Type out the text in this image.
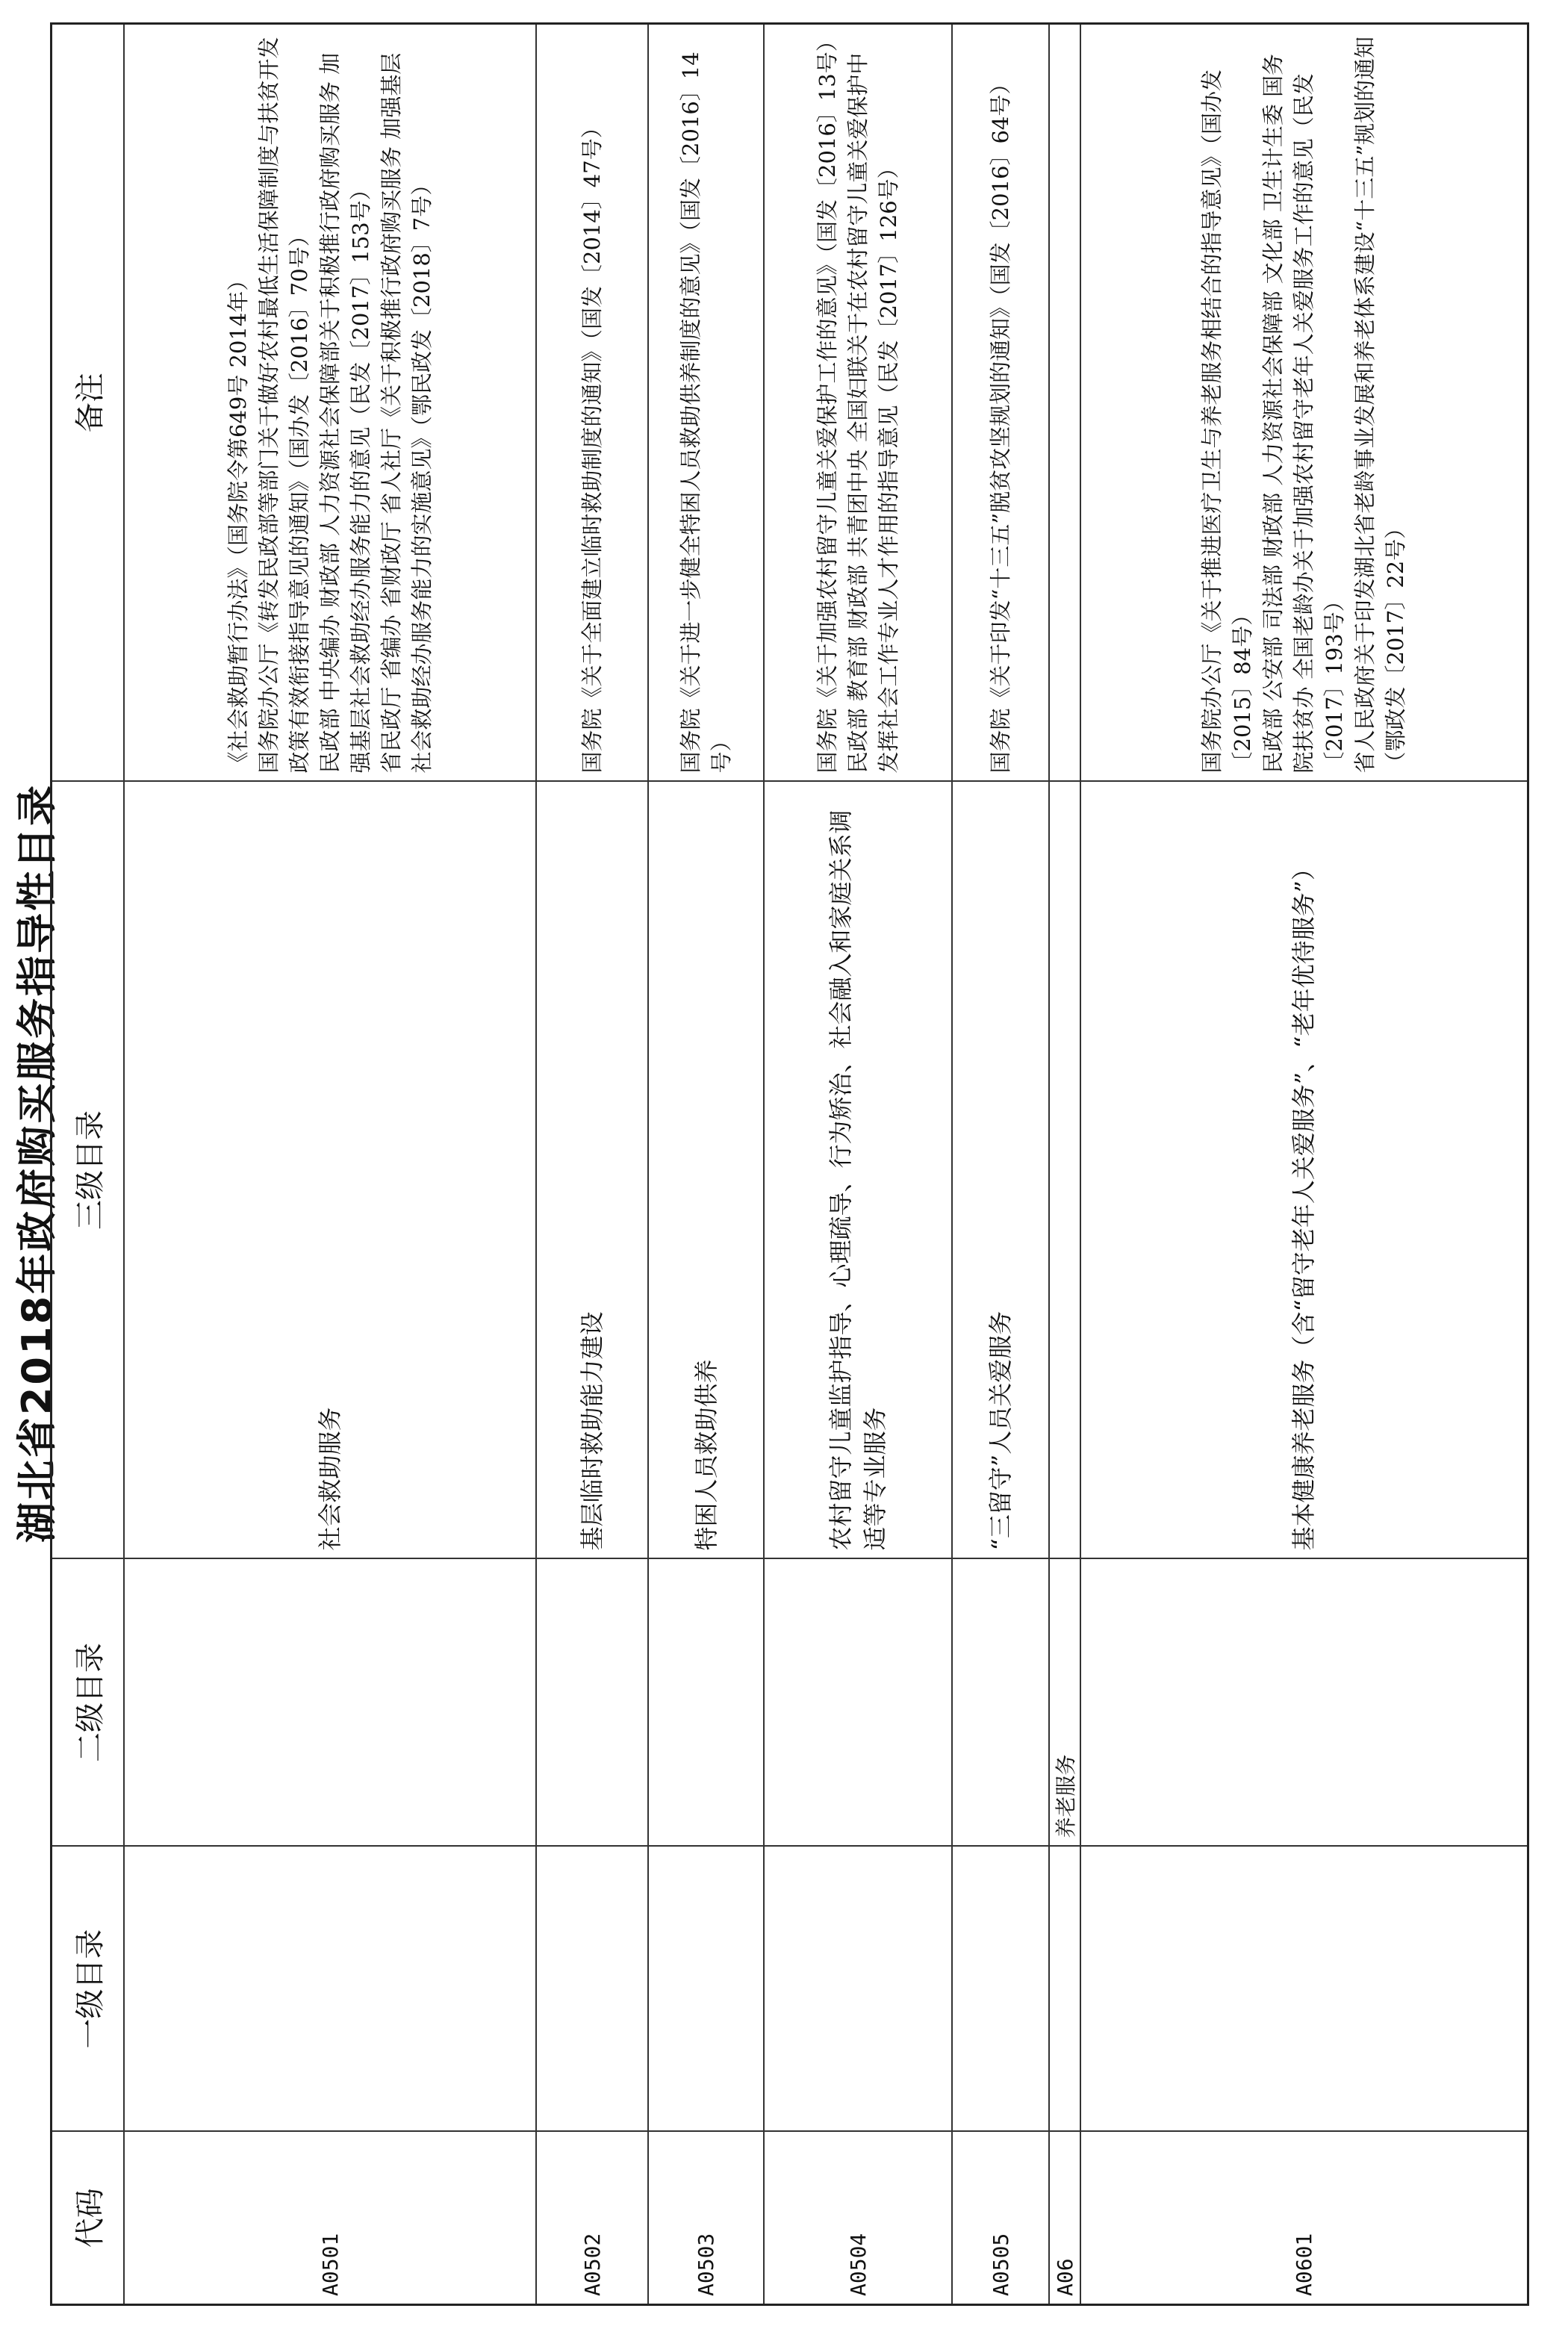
湖北省2018年政府购买服务指导性目录
代码	一级目录	二级目录	三级目录	备注
A0501			社会救助服务	《社会救助暂行办法》（国务院令第649号 2014年） 国务院办公厅《转发民政部等部门关于做好农村最低生活保障制度与扶贫开发政策有效衔接指导意见的通知》（国办发〔2016〕70号） 民政部 中央编办 财政部 人力资源社会保障部关于积极推行政府购买服务 加强基层社会救助经办服务能力的意见（民发〔2017〕153号） 省民政厅 省编办 省财政厅 省人社厅《关于积极推行政府购买服务 加强基层社会救助经办服务能力的实施意见》（鄂民政发〔2018〕7号）

A0502			基层临时救助能力建设	国务院《关于全面建立临时救助制度的通知》（国发〔2014〕47号）

A0503			特困人员救助供养	国务院《关于进一步健全特困人员救助供养制度的意见》（国发〔2016〕14号）

A0504			农村留守儿童监护指导、心理疏导、行为矫治、社会融入和家庭关系调适等专业服务	国务院《关于加强农村留守儿童关爱保护工作的意见》（国发〔2016〕13号） 民政部 教育部 财政部 共青团中央 全国妇联关于在农村留守儿童关爱保护中发挥社会工作专业人才作用的指导意见（民发〔2017〕126号）

A0505			“三留守”人员关爱服务	国务院《关于印发“十三五”脱贫攻坚规划的通知》（国发〔2016〕64号）

A06		养老服务		
A0601			基本健康养老服务（含“留守老年人关爱服务”、“老年优待服务”）	国务院办公厅《关于推进医疗卫生与养老服务相结合的指导意见》（国办发〔2015〕84号） 民政部 公安部 司法部 财政部 人力资源社会保障部 文化部 卫生计生委 国务院扶贫办 全国老龄办关于加强农村留守老年人关爱服务工作的意见（民发〔2017〕193号） 省人民政府关于印发湖北省老龄事业发展和养老体系建设“十三五”规划的通知（鄂政发〔2017〕22号）
